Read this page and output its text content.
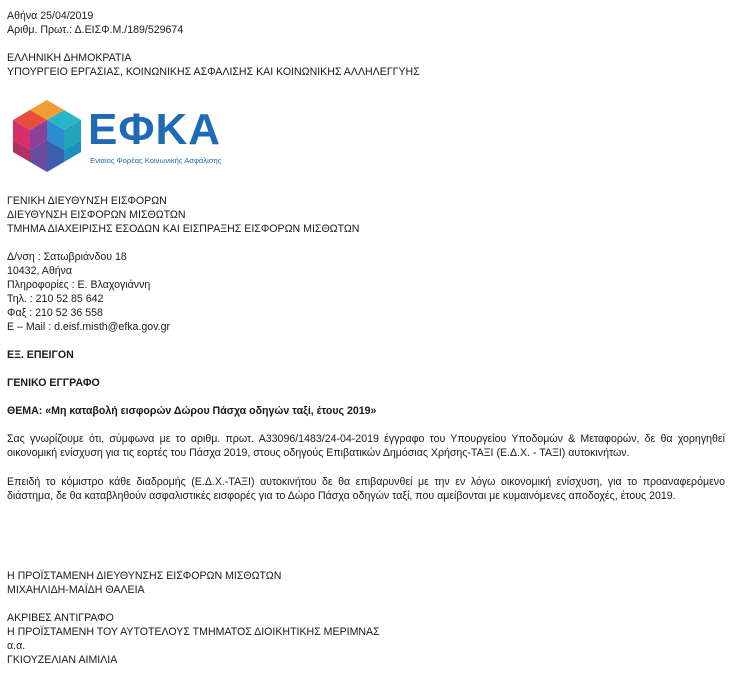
Αθήνα 25/04/2019
Αριθμ. Πρωτ.: Δ.ΕΙΣΦ.Μ./189/529674
ΕΛΛΗΝΙΚΗ ΔΗΜΟΚΡΑΤΙΑ
ΥΠΟΥΡΓΕΙΟ ΕΡΓΑΣΙΑΣ, ΚΟΙΝΩΝΙΚΗΣ ΑΣΦΑΛΙΣΗΣ ΚΑΙ ΚΟΙΝΩΝΙΚΗΣ ΑΛΛΗΛΕΓΓΥΗΣ
ΕΦΚΑ
Ενιαίος Φορέας Κοινωνικής Ασφάλισης
ΓΕΝΙΚΗ ΔΙΕΥΘΥΝΣΗ ΕΙΣΦΟΡΩΝ
ΔΙΕΥΘΥΝΣΗ ΕΙΣΦΟΡΩΝ ΜΙΣΘΩΤΩΝ
ΤΜΗΜΑ ΔΙΑΧΕΙΡΙΣΗΣ ΕΣΟΔΩΝ ΚΑΙ ΕΙΣΠΡΑΞΗΣ ΕΙΣΦΟΡΩΝ ΜΙΣΘΩΤΩΝ
Δ/νση : Σατωβριάνδου 18
10432, Αθήνα
Πληροφορίες : Ε. Βλαχογιάννη
Τηλ. : 210 52 85 642
Φαξ : 210 52 36 558
E – Mail : d.eisf.misth@efka.gov.gr
ΕΞ. ΕΠΕΙΓΟΝ
ΓΕΝΙΚΟ ΕΓΓΡΑΦΟ
ΘΕΜΑ: «Μη καταβολή εισφορών Δώρου Πάσχα οδηγών ταξί, έτους 2019»
Σας γνωρίζουμε ότι, σύμφωνα με το αριθμ. πρωτ. Α33096/1483/24-04-2019 έγγραφο του Υπουργείου Υποδομών & Μεταφορών, δε θα χορηγηθεί οικονομική ενίσχυση για τις εορτές του Πάσχα 2019, στους οδηγούς Επιβατικών Δημόσιας Χρήσης-ΤΑΞΙ (Ε.Δ.Χ. - ΤΑΞΙ) αυτοκινήτων.
Επειδή το κόμιστρο κάθε διαδρομής (Ε.Δ.Χ.-ΤΑΞΙ) αυτοκινήτου δε θα επιβαρυνθεί με την εν λόγω οικονομική ενίσχυση, για το προαναφερόμενο διάστημα, δε θα καταβληθούν ασφαλιστικές εισφορές για το Δώρο Πάσχα οδηγών ταξί, που αμείβονται με κυμαινόμενες αποδοχές, έτους 2019.
Η ΠΡΟΪΣΤΑΜΕΝΗ ΔΙΕΥΘΥΝΣΗΣ ΕΙΣΦΟΡΩΝ ΜΙΣΘΩΤΩΝ
ΜΙΧΑΗΛΙΔΗ-ΜΑΪΔΗ ΘΑΛΕΙΑ
ΑΚΡΙΒΕΣ ΑΝΤΙΓΡΑΦΟ
Η ΠΡΟΪΣΤΑΜΕΝΗ ΤΟΥ ΑΥΤΟΤΕΛΟΥΣ ΤΜΗΜΑΤΟΣ ΔΙΟΙΚΗΤΙΚΗΣ ΜΕΡΙΜΝΑΣ
α.α.
ΓΚΙΟΥΖΕΛΙΑΝ ΑΙΜΙΛΙΑ
